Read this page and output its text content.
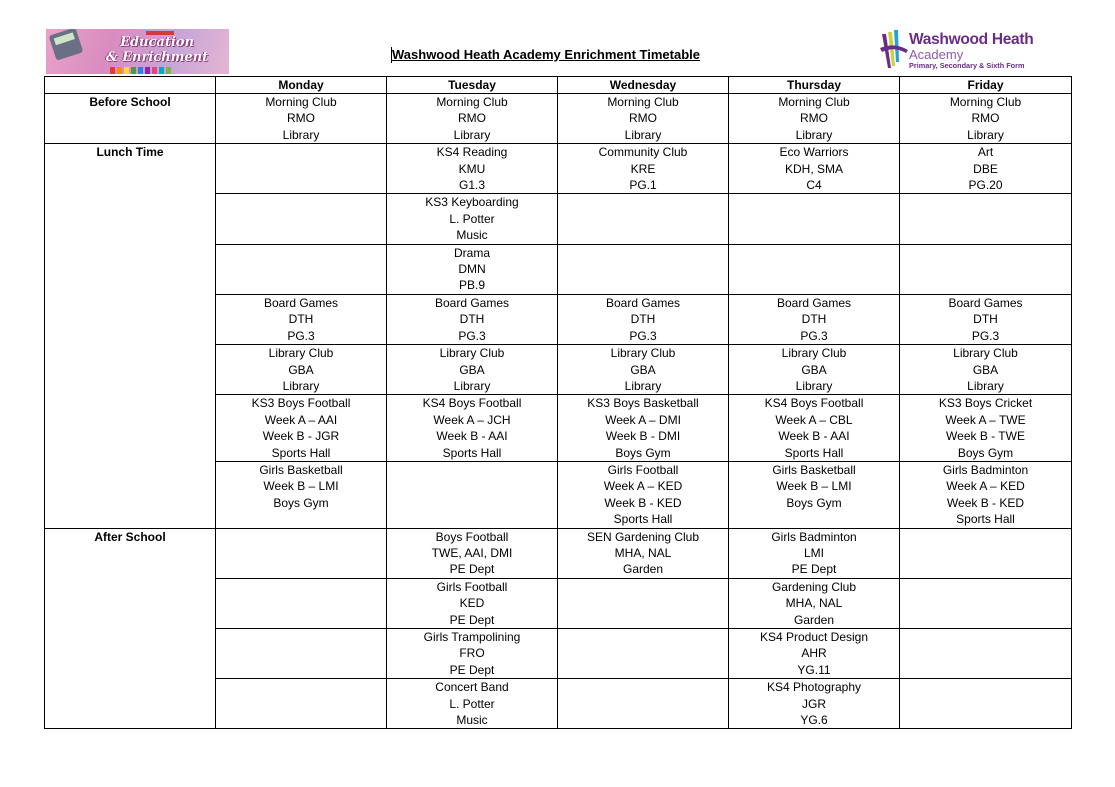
Education
& Enrichment	Washwood Heath Academy Enrichment Timetable
Washwood Heath
Academy
Primary, Secondary & Sixth Form
	Monday	Tuesday	Wednesday	Thursday	Friday
Before School	Morning Club
RMO
Library	Morning Club
RMO
Library	Morning Club
RMO
Library	Morning Club
RMO
Library	Morning Club
RMO
Library

Lunch Time		KS4 Reading
KMU
G1.3	Community Club
KRE
PG.1	Eco Warriors
KDH, SMA
C4	Art
DBE
PG.20

		KS3 Keyboarding
L. Potter
Music			

		Drama
DMN
PB.9			

	Board Games
DTH
PG.3	Board Games
DTH
PG.3	Board Games
DTH
PG.3	Board Games
DTH
PG.3	Board Games
DTH
PG.3

	Library Club
GBA
Library	Library Club
GBA
Library	Library Club
GBA
Library	Library Club
GBA
Library	Library Club
GBA
Library

	KS3 Boys Football
Week A – AAI
Week B - JGR
Sports Hall	KS4 Boys Football
Week A – JCH
Week B - AAI
Sports Hall	KS3 Boys Basketball
Week A – DMI
Week B - DMI
Boys Gym	KS4 Boys Football
Week A – CBL
Week B - AAI
Sports Hall	KS3 Boys Cricket
Week A – TWE
Week B - TWE
Boys Gym

	Girls Basketball
Week B – LMI
Boys Gym		Girls Football
Week A – KED
Week B - KED
Sports Hall	Girls Basketball
Week B – LMI
Boys Gym	Girls Badminton
Week A – KED
Week B - KED
Sports Hall

After School		Boys Football
TWE, AAI, DMI
PE Dept	SEN Gardening Club
MHA, NAL
Garden	Girls Badminton
LMI
PE Dept	

		Girls Football
KED
PE Dept		Gardening Club
MHA, NAL
Garden	

		Girls Trampolining
FRO
PE Dept		KS4 Product Design
AHR
YG.11	

		Concert Band
L. Potter
Music		KS4 Photography
JGR
YG.6	
